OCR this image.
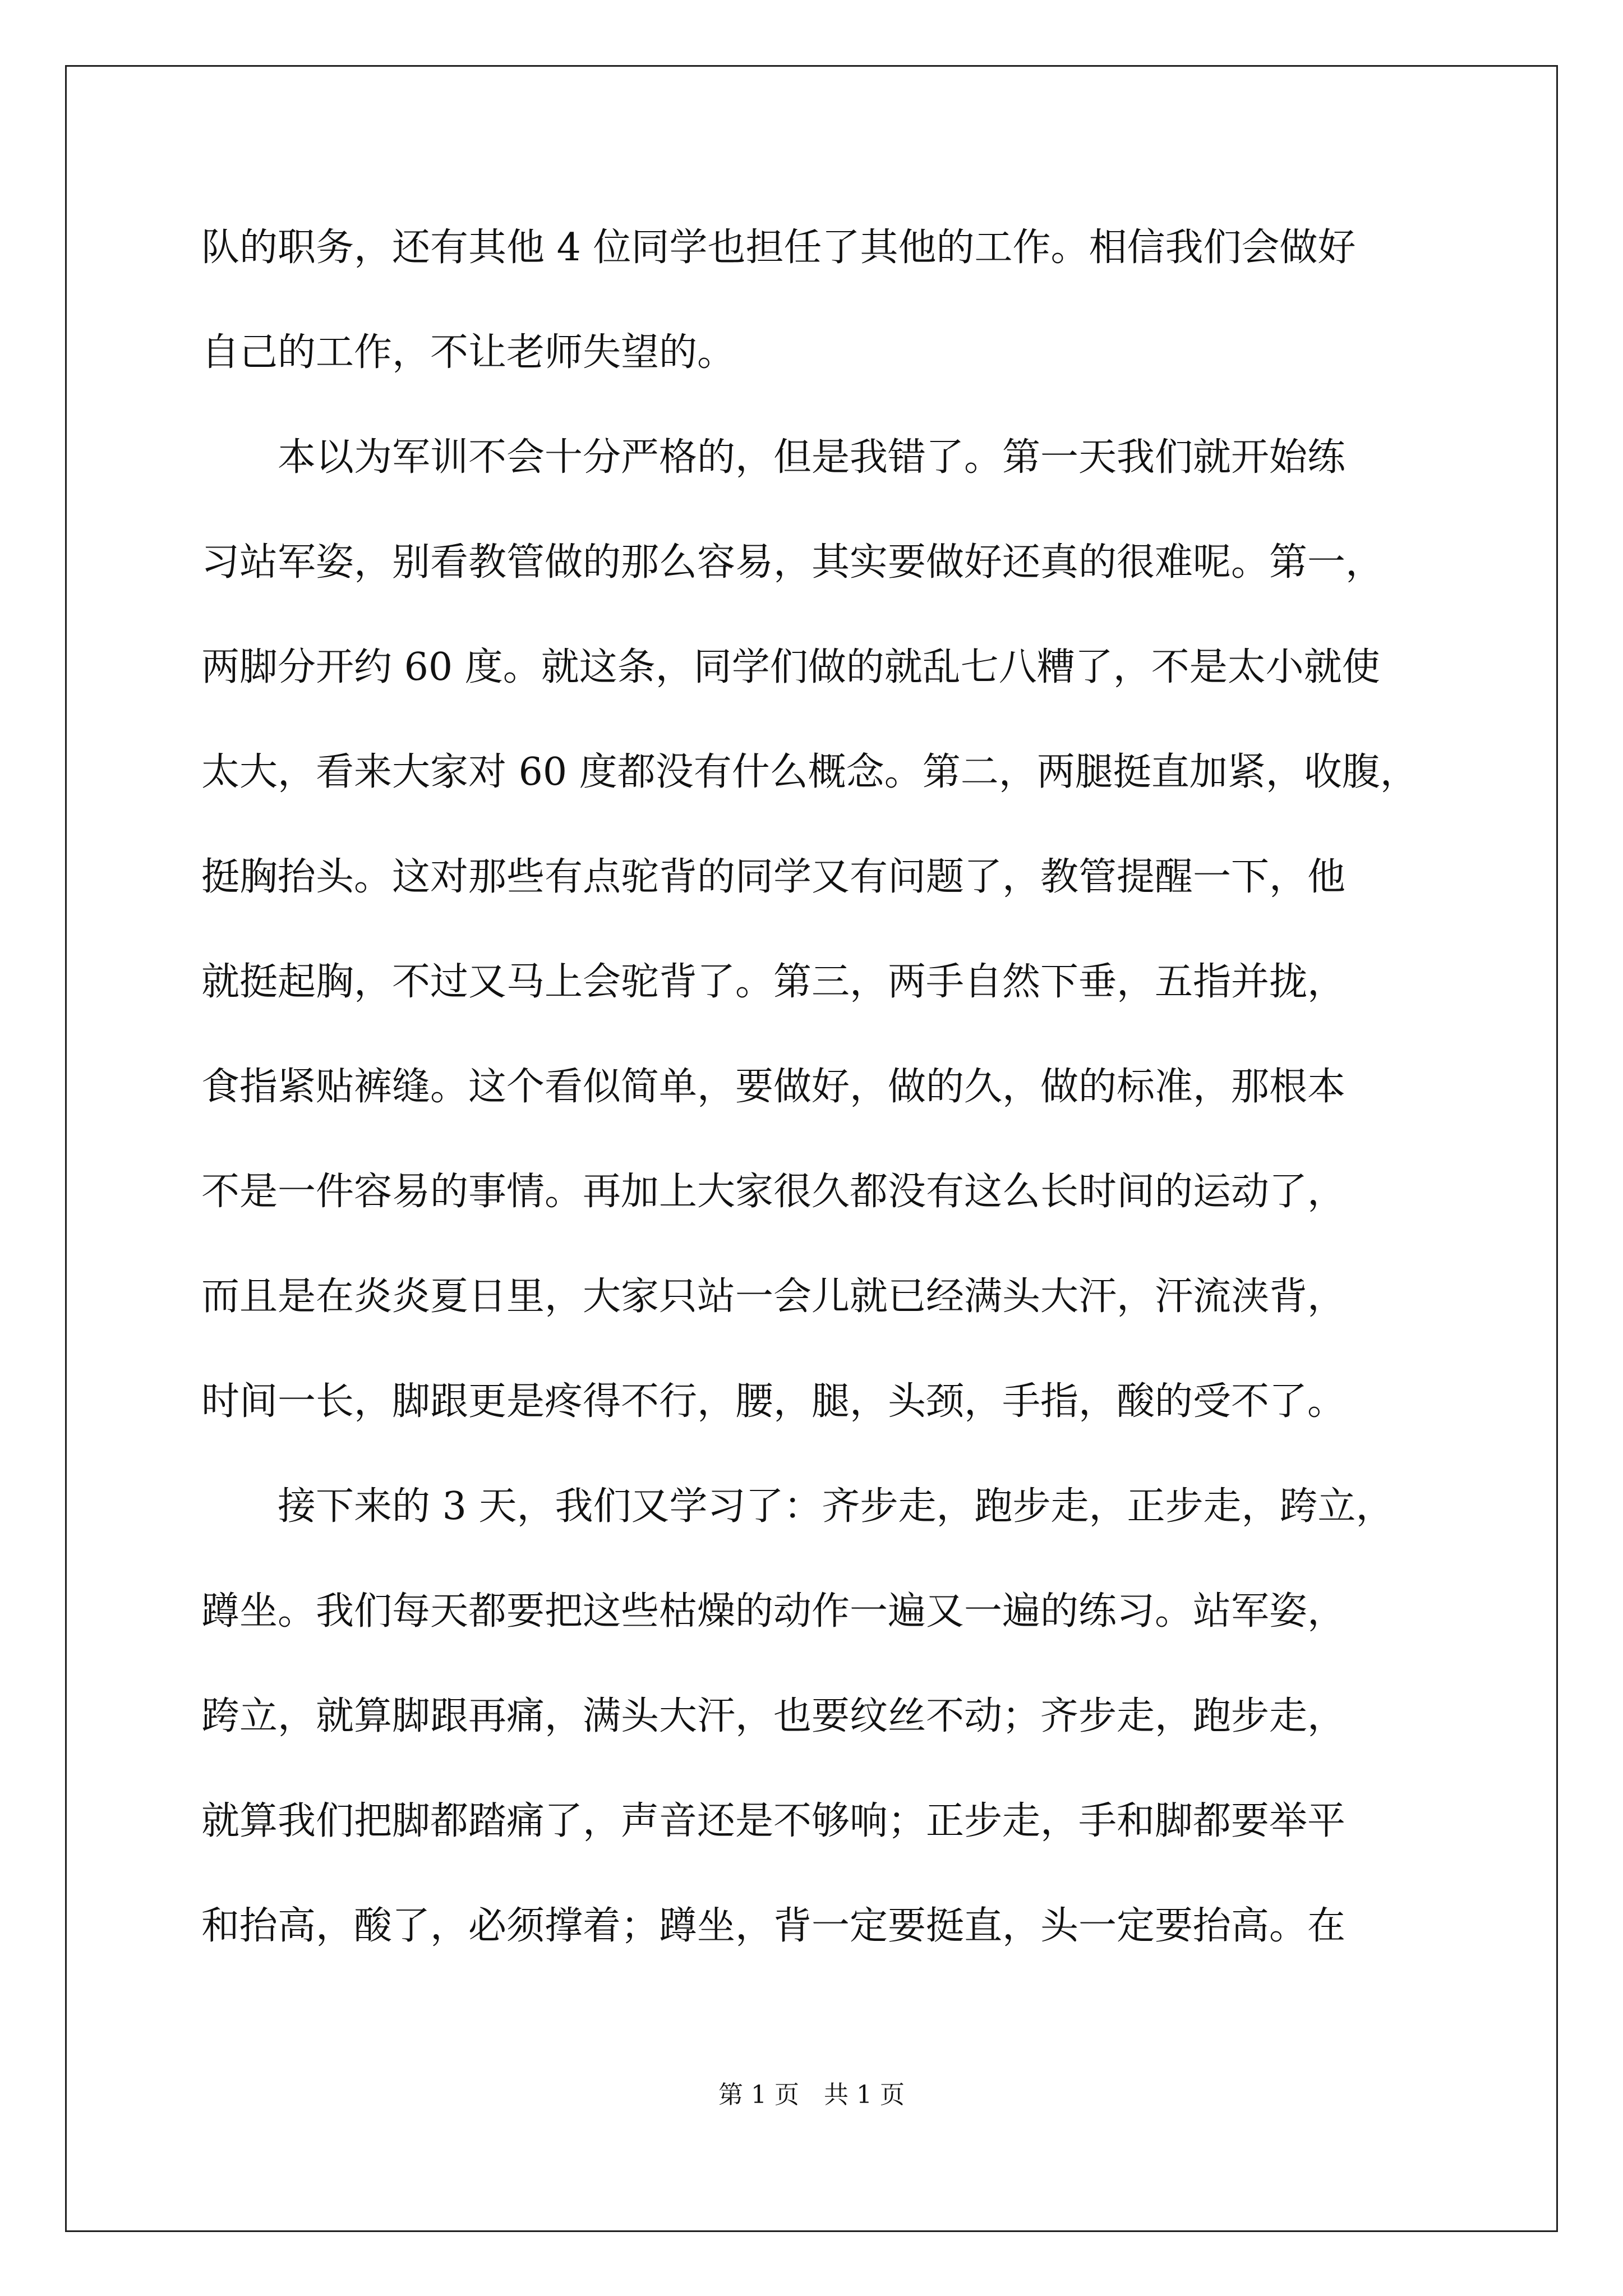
队的职务，还有其他 4 位同学也担任了其他的工作。相信我们会做好
自己的工作，不让老师失望的。
本以为军训不会十分严格的，但是我错了。第一天我们就开始练
习站军姿，别看教管做的那么容易，其实要做好还真的很难呢。第一，
两脚分开约 60 度。就这条，同学们做的就乱七八糟了，不是太小就使
太大，看来大家对 60 度都没有什么概念。第二，两腿挺直加紧，收腹，
挺胸抬头。这对那些有点驼背的同学又有问题了，教管提醒一下，他
就挺起胸，不过又马上会驼背了。第三，两手自然下垂，五指并拢，
食指紧贴裤缝。这个看似简单，要做好，做的久，做的标准，那根本
不是一件容易的事情。再加上大家很久都没有这么长时间的运动了，
而且是在炎炎夏日里，大家只站一会儿就已经满头大汗，汗流浃背，
时间一长，脚跟更是疼得不行，腰，腿，头颈，手指，酸的受不了。
接下来的 3 天，我们又学习了：齐步走，跑步走，正步走，跨立，
蹲坐。我们每天都要把这些枯燥的动作一遍又一遍的练习。站军姿，
跨立，就算脚跟再痛，满头大汗，也要纹丝不动；齐步走，跑步走，
就算我们把脚都踏痛了，声音还是不够响；正步走，手和脚都要举平
和抬高，酸了，必须撑着；蹲坐，背一定要挺直，头一定要抬高。在
第 1 页　共 1 页
